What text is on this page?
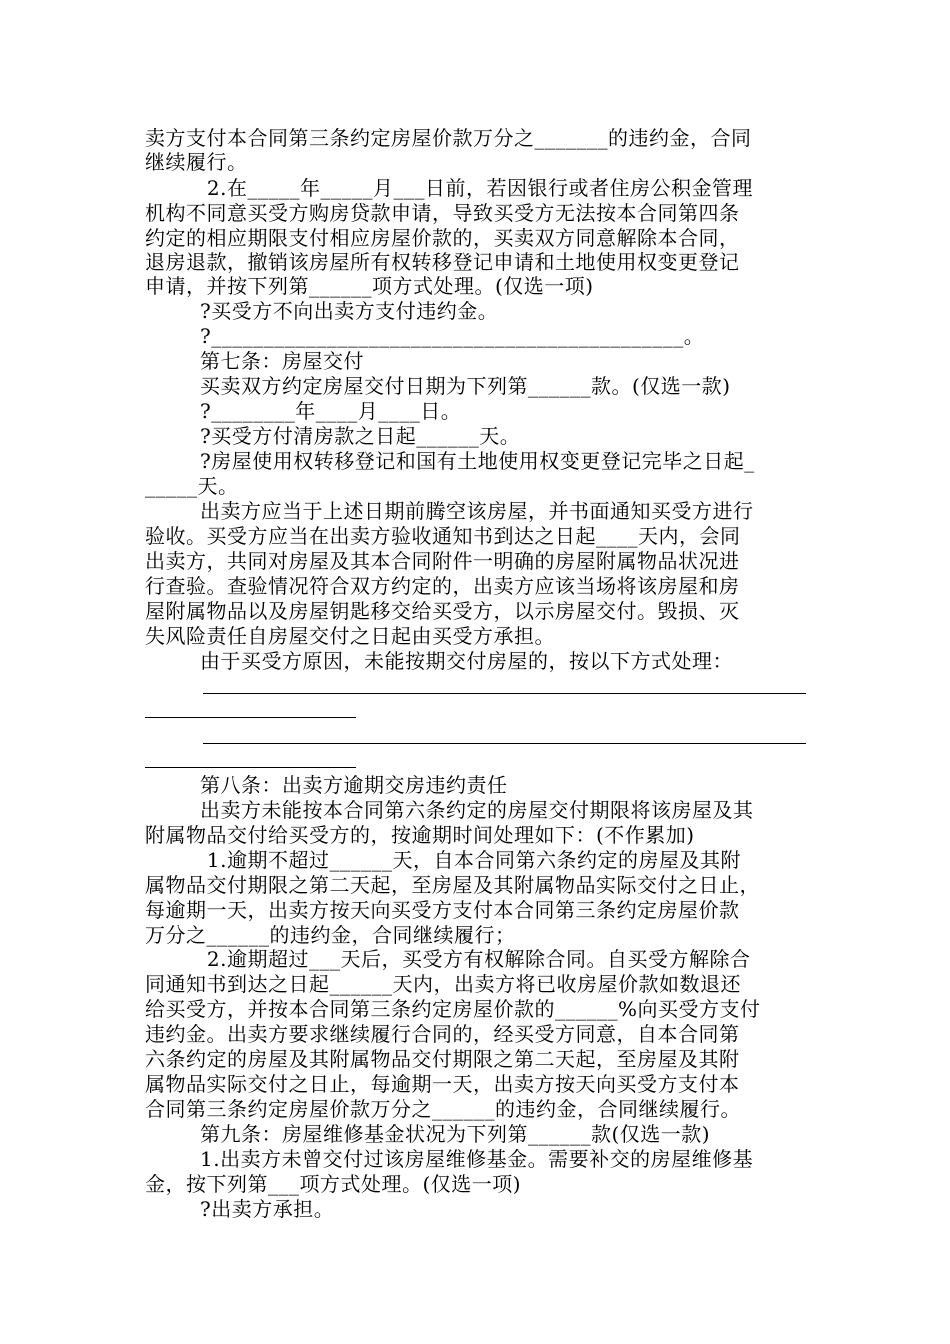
卖方支付本合同第三条约定房屋价款万分之_______的违约金，合同
继续履行。
2.在_____年_____月___日前，若因银行或者住房公积金管理
机构不同意买受方购房贷款申请，导致买受方无法按本合同第四条
约定的相应期限支付相应房屋价款的，买卖双方同意解除本合同，
退房退款，撤销该房屋所有权转移登记申请和土地使用权变更登记
申请，并按下列第______项方式处理。(仅选一项)
?买受方不向出卖方支付违约金。
?_____________________________________________。
第七条：房屋交付
买卖双方约定房屋交付日期为下列第______款。(仅选一款)
?________年____月____日。
?买受方付清房款之日起______天。
?房屋使用权转移登记和国有土地使用权变更登记完毕之日起_
_____天。
出卖方应当于上述日期前腾空该房屋，并书面通知买受方进行
验收。买受方应当在出卖方验收通知书到达之日起____天内，会同
出卖方，共同对房屋及其本合同附件一明确的房屋附属物品状况进
行查验。查验情况符合双方约定的，出卖方应该当场将该房屋和房
屋附属物品以及房屋钥匙移交给买受方，以示房屋交付。毁损、灭
失风险责任自房屋交付之日起由买受方承担。
由于买受方原因，未能按期交付房屋的，按以下方式处理：
第八条：出卖方逾期交房违约责任
出卖方未能按本合同第六条约定的房屋交付期限将该房屋及其
附属物品交付给买受方的，按逾期时间处理如下：(不作累加)
1.逾期不超过______天，自本合同第六条约定的房屋及其附
属物品交付期限之第二天起，至房屋及其附属物品实际交付之日止，
每逾期一天，出卖方按天向买受方支付本合同第三条约定房屋价款
万分之______的违约金，合同继续履行；
2.逾期超过___天后，买受方有权解除合同。自买受方解除合
同通知书到达之日起______天内，出卖方将已收房屋价款如数退还
给买受方，并按本合同第三条约定房屋价款的______%向买受方支付
违约金。出卖方要求继续履行合同的，经买受方同意，自本合同第
六条约定的房屋及其附属物品交付期限之第二天起，至房屋及其附
属物品实际交付之日止，每逾期一天，出卖方按天向买受方支付本
合同第三条约定房屋价款万分之______的违约金，合同继续履行。
第九条：房屋维修基金状况为下列第______款(仅选一款)
1.出卖方未曾交付过该房屋维修基金。需要补交的房屋维修基
金，按下列第___项方式处理。(仅选一项)
?出卖方承担。
